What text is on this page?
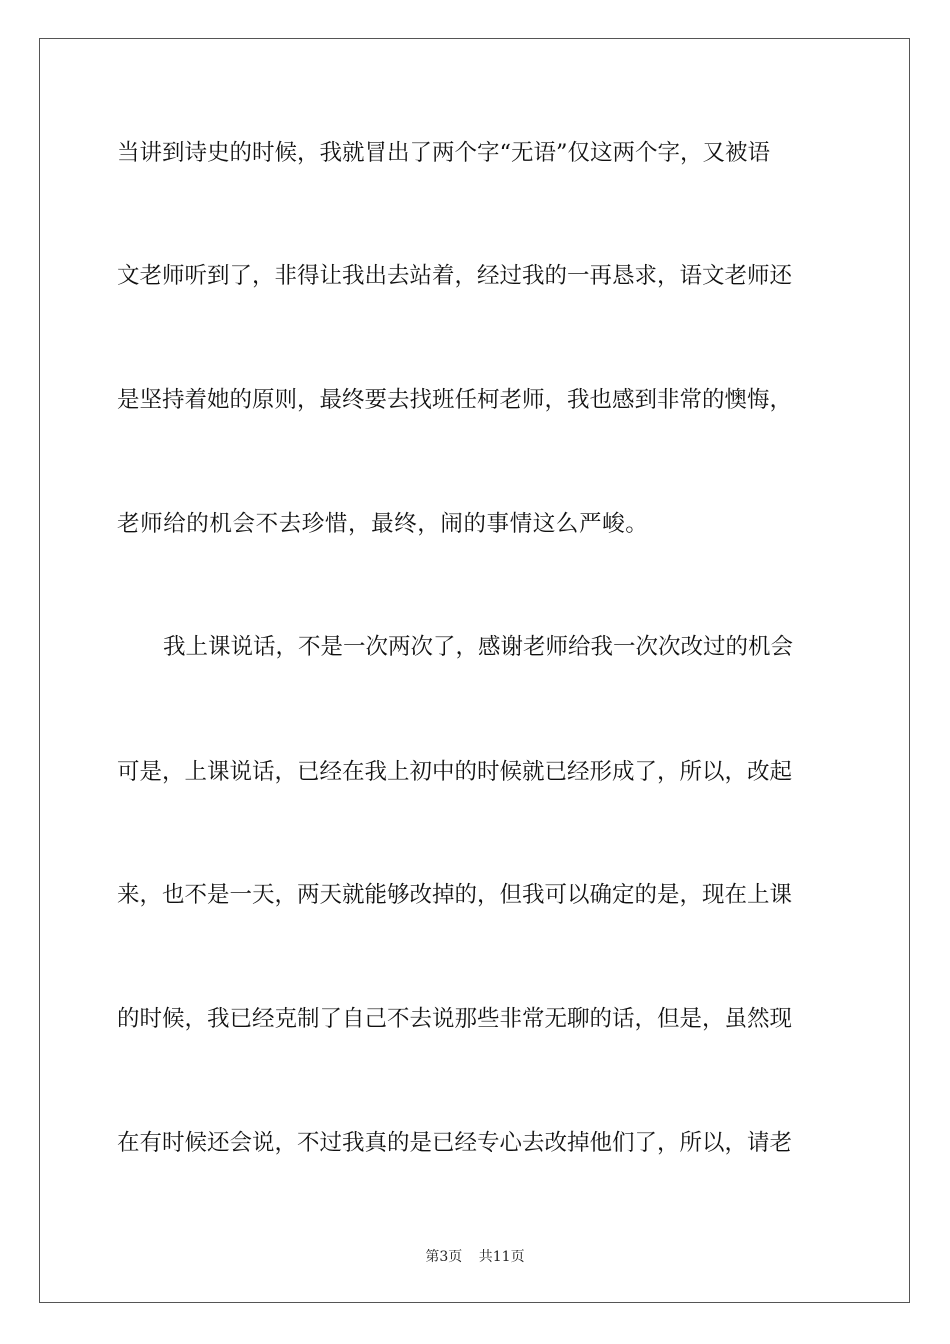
当讲到诗史的时候，我就冒出了两个字“无语”仅这两个字，又被语
文老师听到了，非得让我出去站着，经过我的一再恳求，语文老师还
是坚持着她的原则，最终要去找班任柯老师，我也感到非常的懊悔，
老师给的机会不去珍惜，最终，闹的事情这么严峻。
我上课说话，不是一次两次了，感谢老师给我一次次改过的机会
可是，上课说话，已经在我上初中的时候就已经形成了，所以，改起
来，也不是一天，两天就能够改掉的，但我可以确定的是，现在上课
的时候，我已经克制了自己不去说那些非常无聊的话，但是，虽然现
在有时候还会说，不过我真的是已经专心去改掉他们了，所以，请老
第3页 共11页
